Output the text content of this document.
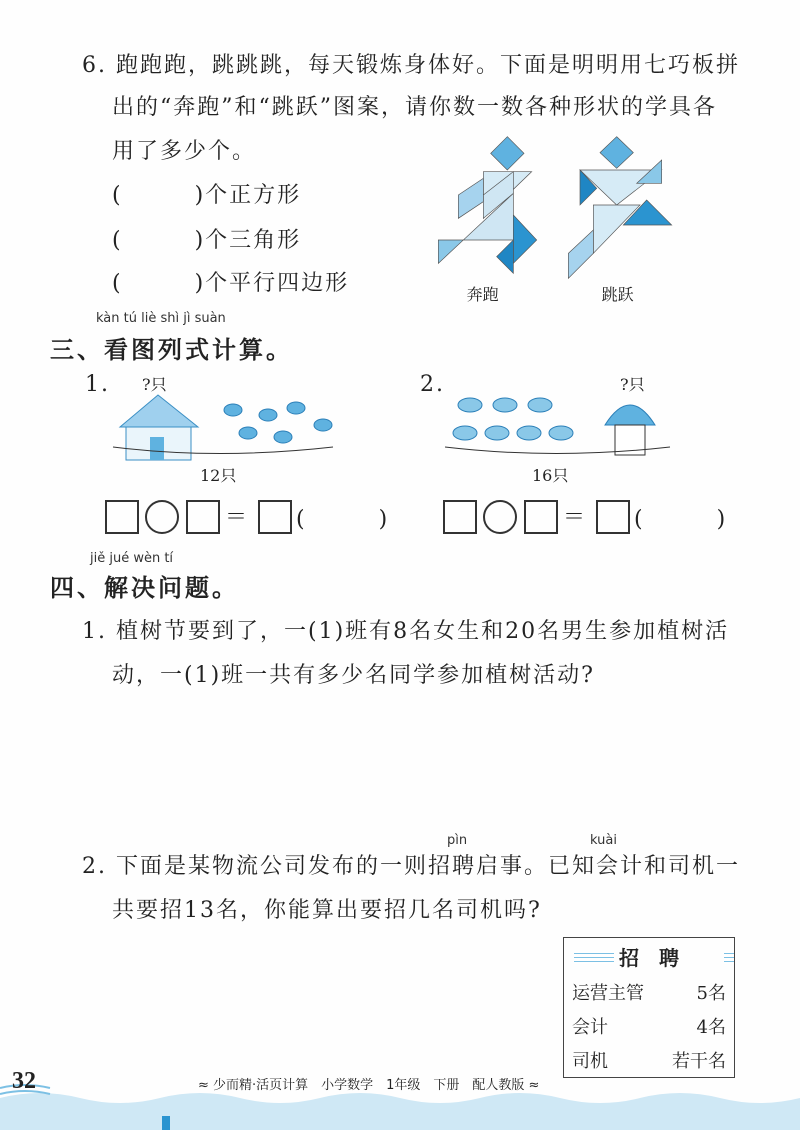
6. 跑跑跑，跳跳跳，每天锻炼身体好。下面是明明用七巧板拼
出的“奔跑”和“跳跃”图案，请你数一数各种形状的学具各
用了多少个。
(　　　)个正方形
(　　　)个三角形
(　　　)个平行四边形 奔跑 跳跃
kàn tú liè shì jì suàn
三、看图列式计算。
1. ?只
12只
2.	?只
16只
＝ (　　　)	＝ (　　　)
jiě jué wèn tí
四、解决问题。
1. 植树节要到了，一(1)班有8名女生和20名男生参加植树活
动，一(1)班一共有多少名同学参加植树活动?
pìn	kuài
2. 下面是某物流公司发布的一则招聘启事。已知会计和司机一
共要招13名，你能算出要招几名司机吗?
招　聘	
运营主管	5名
会计	4名
司机	若干名
32	≈ 少而精·活页计算　小学数学　1年级　下册　配人教版 ≈
